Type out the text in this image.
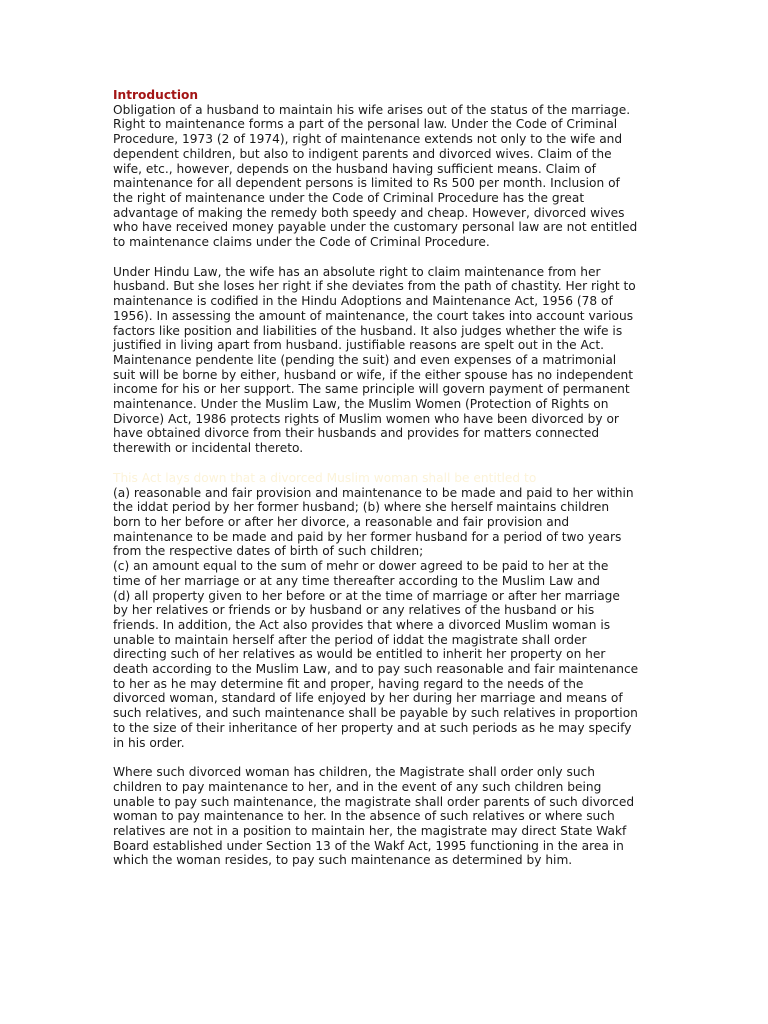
Introduction

Obligation of a husband to maintain his wife arises out of the status of the marriage.
Right to maintenance forms a part of the personal law. Under the Code of Criminal
Procedure, 1973 (2 of 1974), right of maintenance extends not only to the wife and
dependent children, but also to indigent parents and divorced wives. Claim of the
wife, etc., however, depends on the husband having sufficient means. Claim of
maintenance for all dependent persons is limited to Rs 500 per month. Inclusion of
the right of maintenance under the Code of Criminal Procedure has the great
advantage of making the remedy both speedy and cheap. However, divorced wives
who have received money payable under the customary personal law are not entitled
to maintenance claims under the Code of Criminal Procedure.

Under Hindu Law, the wife has an absolute right to claim maintenance from her
husband. But she loses her right if she deviates from the path of chastity. Her right to
maintenance is codified in the Hindu Adoptions and Maintenance Act, 1956 (78 of
1956). In assessing the amount of maintenance, the court takes into account various
factors like position and liabilities of the husband. It also judges whether the wife is
justified in living apart from husband. justifiable reasons are spelt out in the Act.
Maintenance pendente lite (pending the suit) and even expenses of a matrimonial
suit will be borne by either, husband or wife, if the either spouse has no independent
income for his or her support. The same principle will govern payment of permanent
maintenance. Under the Muslim Law, the Muslim Women (Protection of Rights on
Divorce) Act, 1986 protects rights of Muslim women who have been divorced by or
have obtained divorce from their husbands and provides for matters connected
therewith or incidental thereto.

This Act lays down that a divorced Muslim woman shall be entitled to

(a) reasonable and fair provision and maintenance to be made and paid to her within
the iddat period by her former husband; (b) where she herself maintains children
born to her before or after her divorce, a reasonable and fair provision and
maintenance to be made and paid by her former husband for a period of two years
from the respective dates of birth of such children;
(c) an amount equal to the sum of mehr or dower agreed to be paid to her at the
time of her marriage or at any time thereafter according to the Muslim Law and
(d) all property given to her before or at the time of marriage or after her marriage
by her relatives or friends or by husband or any relatives of the husband or his
friends. In addition, the Act also provides that where a divorced Muslim woman is
unable to maintain herself after the period of iddat the magistrate shall order
directing such of her relatives as would be entitled to inherit her property on her
death according to the Muslim Law, and to pay such reasonable and fair maintenance
to her as he may determine fit and proper, having regard to the needs of the
divorced woman, standard of life enjoyed by her during her marriage and means of
such relatives, and such maintenance shall be payable by such relatives in proportion
to the size of their inheritance of her property and at such periods as he may specify
in his order.

Where such divorced woman has children, the Magistrate shall order only such
children to pay maintenance to her, and in the event of any such children being
unable to pay such maintenance, the magistrate shall order parents of such divorced
woman to pay maintenance to her. In the absence of such relatives or where such
relatives are not in a position to maintain her, the magistrate may direct State Wakf
Board established under Section 13 of the Wakf Act, 1995 functioning in the area in
which the woman resides, to pay such maintenance as determined by him.
